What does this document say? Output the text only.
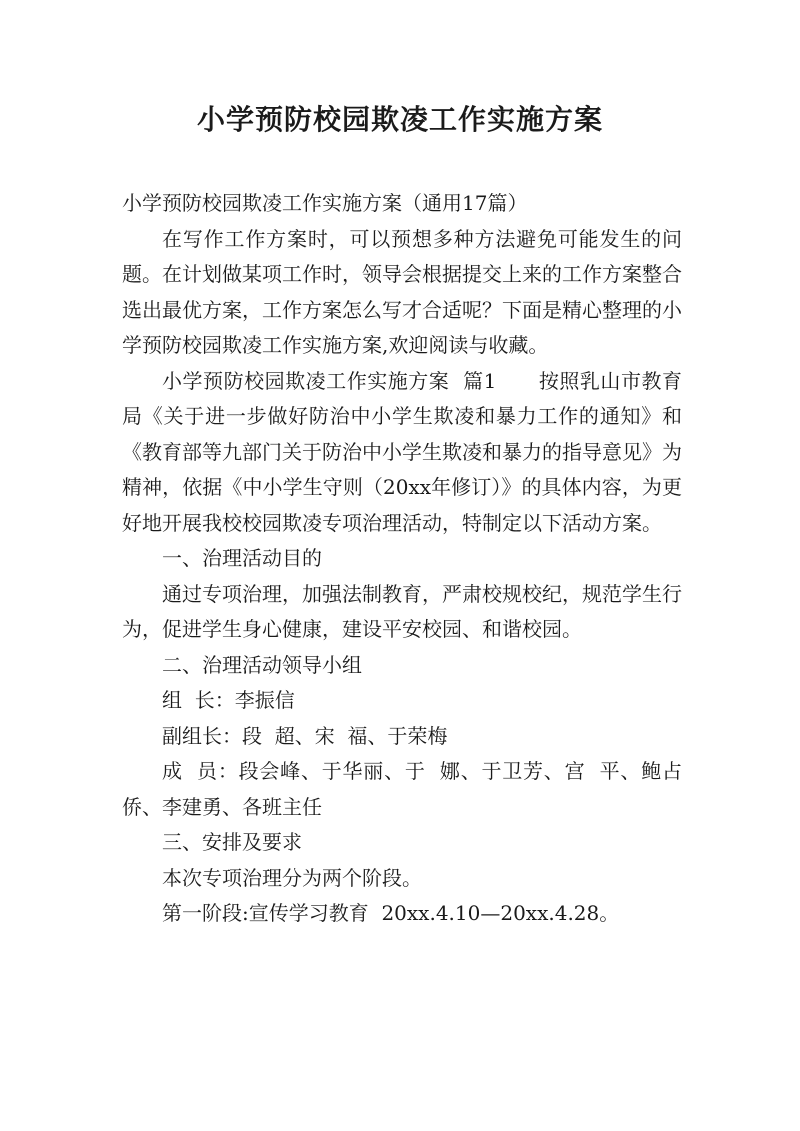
小学预防校园欺凌工作实施方案

小学预防校园欺凌工作实施方案（通用17篇）

在写作工作方案时，可以预想多种方法避免可能发生的问题。在计划做某项工作时，领导会根据提交上来的工作方案整合选出最优方案，工作方案怎么写才合适呢？下面是精心整理的小学预防校园欺凌工作实施方案,欢迎阅读与收藏。

小学预防校园欺凌工作实施方案  篇1 按照乳山市教育局《关于进一步做好防治中小学生欺凌和暴力工作的通知》和《教育部等九部门关于防治中小学生欺凌和暴力的指导意见》为精神，依据《中小学生守则（20xx年修订）》的具体内容，为更好地开展我校校园欺凌专项治理活动，特制定以下活动方案。

一、治理活动目的

通过专项治理，加强法制教育，严肃校规校纪，规范学生行为，促进学生身心健康，建设平安校园、和谐校园。

二、治理活动领导小组

组  长：李振信

副组长：段  超、宋  福、于荣梅

成  员：段会峰、于华丽、于  娜、于卫芳、宫  平、鲍占侨、李建勇、各班主任

三、安排及要求

本次专项治理分为两个阶段。

第一阶段:宣传学习教育  20xx.4.10—20xx.4.28。
